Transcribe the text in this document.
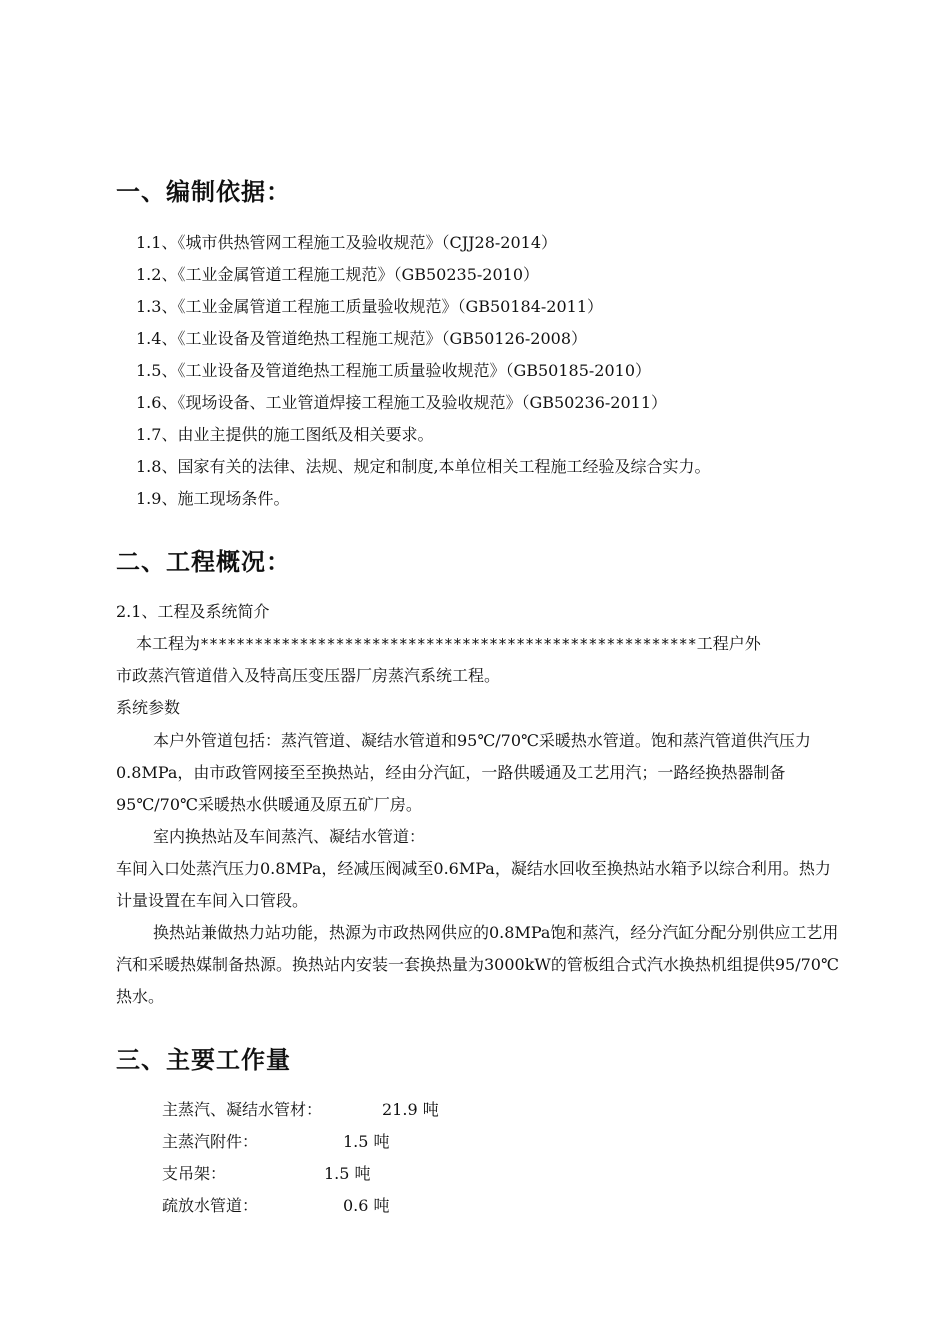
一、编制依据：
1.1、《城市供热管网工程施工及验收规范》（CJJ28-2014）
1.2、《工业金属管道工程施工规范》（GB50235-2010）
1.3、《工业金属管道工程施工质量验收规范》（GB50184-2011）
1.4、《工业设备及管道绝热工程施工规范》（GB50126-2008）
1.5、《工业设备及管道绝热工程施工质量验收规范》（GB50185-2010）
1.6、《现场设备、工业管道焊接工程施工及验收规范》（GB50236-2011）
1.7、由业主提供的施工图纸及相关要求。
1.8、国家有关的法律、法规、规定和制度,本单位相关工程施工经验及综合实力。
1.9、施工现场条件。
二、工程概况：
2.1、工程及系统简介
本工程为*******************************************************工程户外
市政蒸汽管道借入及特高压变压器厂房蒸汽系统工程。
系统参数

本户外管道包括：蒸汽管道、凝结水管道和95℃/70℃采暖热水管道。饱和蒸汽管道供汽压力0.8MPa，由市政管网接至至换热站，经由分汽缸，一路供暖通及工艺用汽；一路经换热器制备95℃/70℃采暖热水供暖通及原五矿厂房。

室内换热站及车间蒸汽、凝结水管道：

车间入口处蒸汽压力0.8MPa，经减压阀减至0.6MPa，凝结水回收至换热站水箱予以综合利用。热力计量设置在车间入口管段。

换热站兼做热力站功能，热源为市政热网供应的0.8MPa饱和蒸汽，经分汽缸分配分别供应工艺用汽和采暖热媒制备热源。换热站内安装一套换热量为3000kW的管板组合式汽水换热机组提供95/70℃热水。

三、主要工作量
主蒸汽、凝结水管材：	21.9 吨
主蒸汽附件：	1.5 吨
支吊架：	1.5 吨
疏放水管道：	0.6 吨
